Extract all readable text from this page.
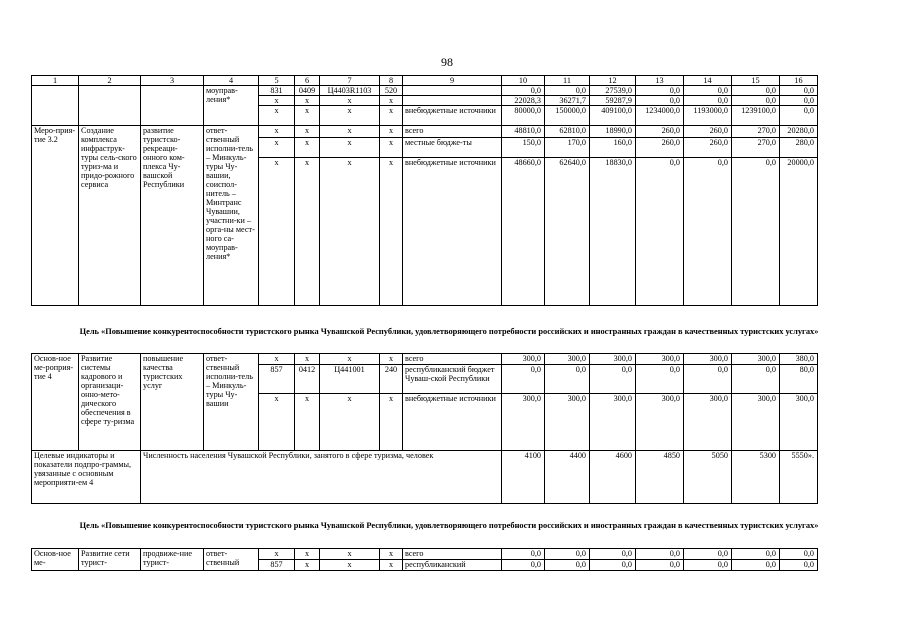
98
1	2	3	4	5	6	7	8	9	10	11	12	13	14	15	16
			моуправ-ления*	831	0409	Ц4403R1103	520		0,0	0,0	27539,0	0,0	0,0	0,0	0,0
				х	х	х	х		22028,3	36271,7	59287,9	0,0	0,0	0,0	0,0
				х	х	х	х	внебюджетные источники	80000,0	150000,0	409100,0	1234000,0	1193000,0	1239100,0	0,0
Меро-прия-тие 3.2	Создание комплекса инфраструк-туры сель-ского туриз-ма и придо-рожного сервиса	развитие туристско-рекреаци-онного ком-плекса Чу-вашской Республики	ответ-ственный исполни-тель – Минкуль-туры Чу-вашии, соиспол-нитель – Минтранс Чувашии, участни-ки – орга-ны мест-ного са-моуправ-ления*	х	х	х	х	всего	48810,0	62810,0	18990,0	260,0	260,0	270,0	20280,0
				х	х	х	х	местные бюдже-ты	150,0	170,0	160,0	260,0	260,0	270,0	280,0
				х	х	х	х	внебюджетные источники	48660,0	62640,0	18830,0	0,0	0,0	0,0	20000,0
Цель «Повышение конкурентоспособности туристского рынка Чувашской Республики, удовлетворяющего потребности российских и иностранных граждан в качественных туристских услугах»
Основ-ное ме-роприя-тие 4	Развитие системы кадрового и организаци-онно-мето-дического обеспечения в сфере ту-ризма	повышение качества туристских услуг	ответ-ственный исполни-тель – Минкуль-туры Чу-вашии	х	х	х	х	всего	300,0	300,0	300,0	300,0	300,0	300,0	380,0
				857	0412	Ц441001	240	республиканский бюджет Чуваш-ской Республики	0,0	0,0	0,0	0,0	0,0	0,0	80,0
				х	х	х	х	внебюджетные источники	300,0	300,0	300,0	300,0	300,0	300,0	300,0
Целевые индикаторы и показатели подпро-граммы, увязанные с основным мероприяти-ем 4		Численность населения Чувашской Республики, занятого в сфере туризма, человек							4100	4400	4600	4850	5050	5300	5550».
Цель «Повышение конкурентоспособности туристского рынка Чувашской Республики, удовлетворяющего потребности российских и иностранных граждан в качественных туристских услугах»
Основ-ное ме-	Развитие сети турист-	продвиже-ние турист-	ответ-ственный	х	х	х	х	всего	0,0	0,0	0,0	0,0	0,0	0,0	0,0
				857	х	х	х	республиканский	0,0	0,0	0,0	0,0	0,0	0,0	0,0
